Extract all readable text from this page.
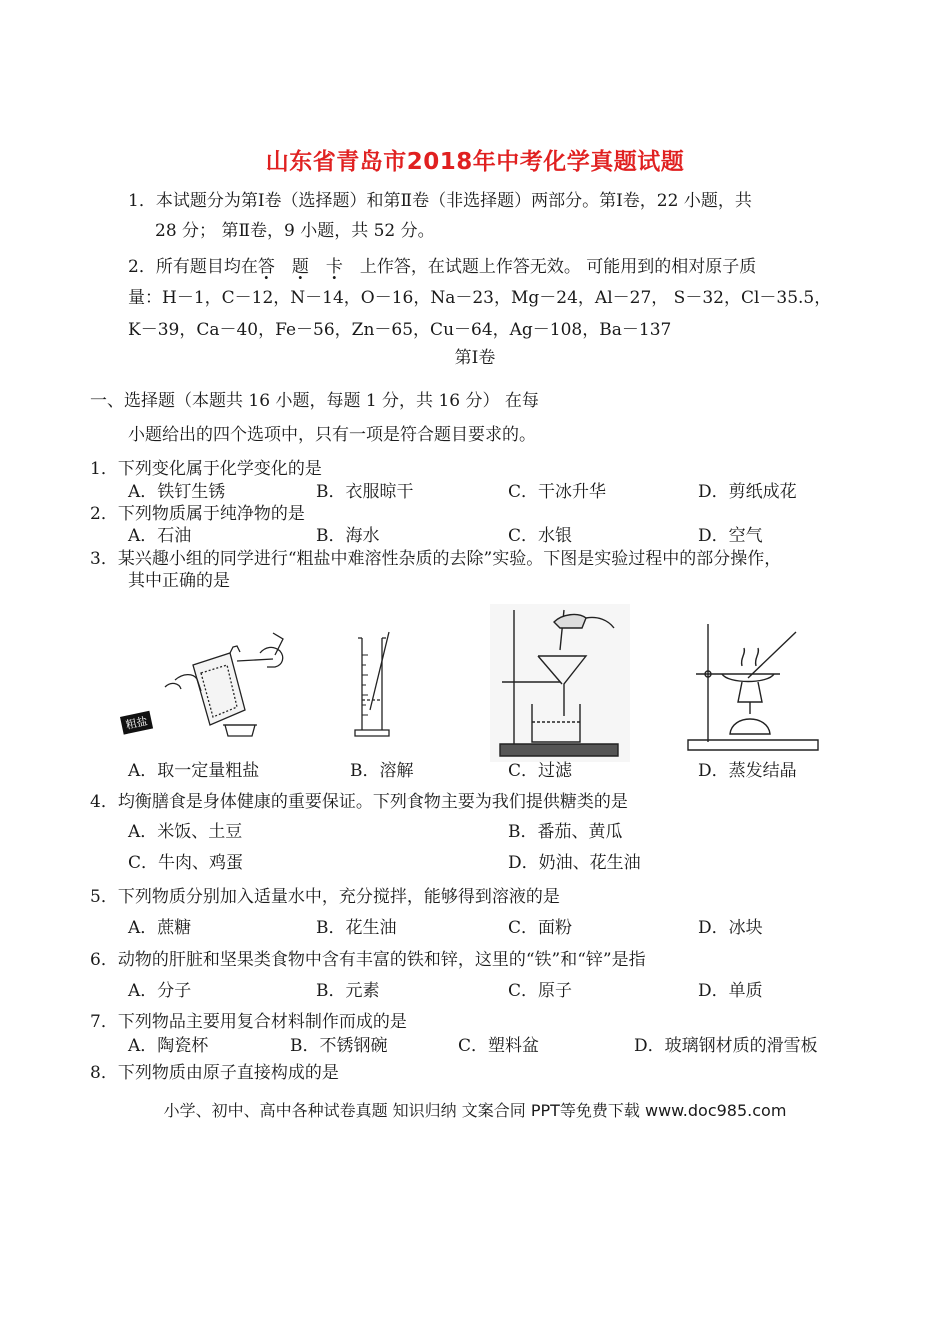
山东省青岛市2018年中考化学真题试题
1．本试题分为第Ⅰ卷（选择题）和第Ⅱ卷（非选择题）两部分。第Ⅰ卷，22 小题，共
28 分； 第Ⅱ卷，9 小题，共 52 分。
2．所有题目均在答　 题　 卡　 上作答，在试题上作答无效。 可能用到的相对原子质
量：H－1，C－12，N－14，O－16，Na－23，Mg－24，Al－27， S－32，Cl－35.5，
K－39，Ca－40，Fe－56，Zn－65，Cu－64，Ag－108，Ba－137
第Ⅰ卷
一、选择题（本题共 16 小题，每题 1 分，共 16 分） 在每
小题给出的四个选项中，只有一项是符合题目要求的。
1．下列变化属于化学变化的是
A．铁钉生锈	B．衣服晾干	C．干冰升华	D．剪纸成花
2．下列物质属于纯净物的是
A．石油	B．海水	C．水银	D．空气
3．某兴趣小组的同学进行“粗盐中难溶性杂质的去除”实验。下图是实验过程中的部分操作，
其中正确的是
粗盐
A．取一定量粗盐	B．溶解	C．过滤	D．蒸发结晶
4．均衡膳食是身体健康的重要保证。下列食物主要为我们提供糖类的是
A．米饭、土豆	B．番茄、黄瓜
C．牛肉、鸡蛋	D．奶油、花生油
5．下列物质分别加入适量水中，充分搅拌，能够得到溶液的是
A．蔗糖	B．花生油	C．面粉	D．冰块
6．动物的肝脏和坚果类食物中含有丰富的铁和锌，这里的“铁”和“锌”是指
A．分子	B．元素	C．原子	D．单质
7．下列物品主要用复合材料制作而成的是
A．陶瓷杯	B．不锈钢碗	C．塑料盆	D．玻璃钢材质的滑雪板
8．下列物质由原子直接构成的是
小学、初中、高中各种试卷真题 知识归纳 文案合同 PPT等免费下载 www.doc985.com
